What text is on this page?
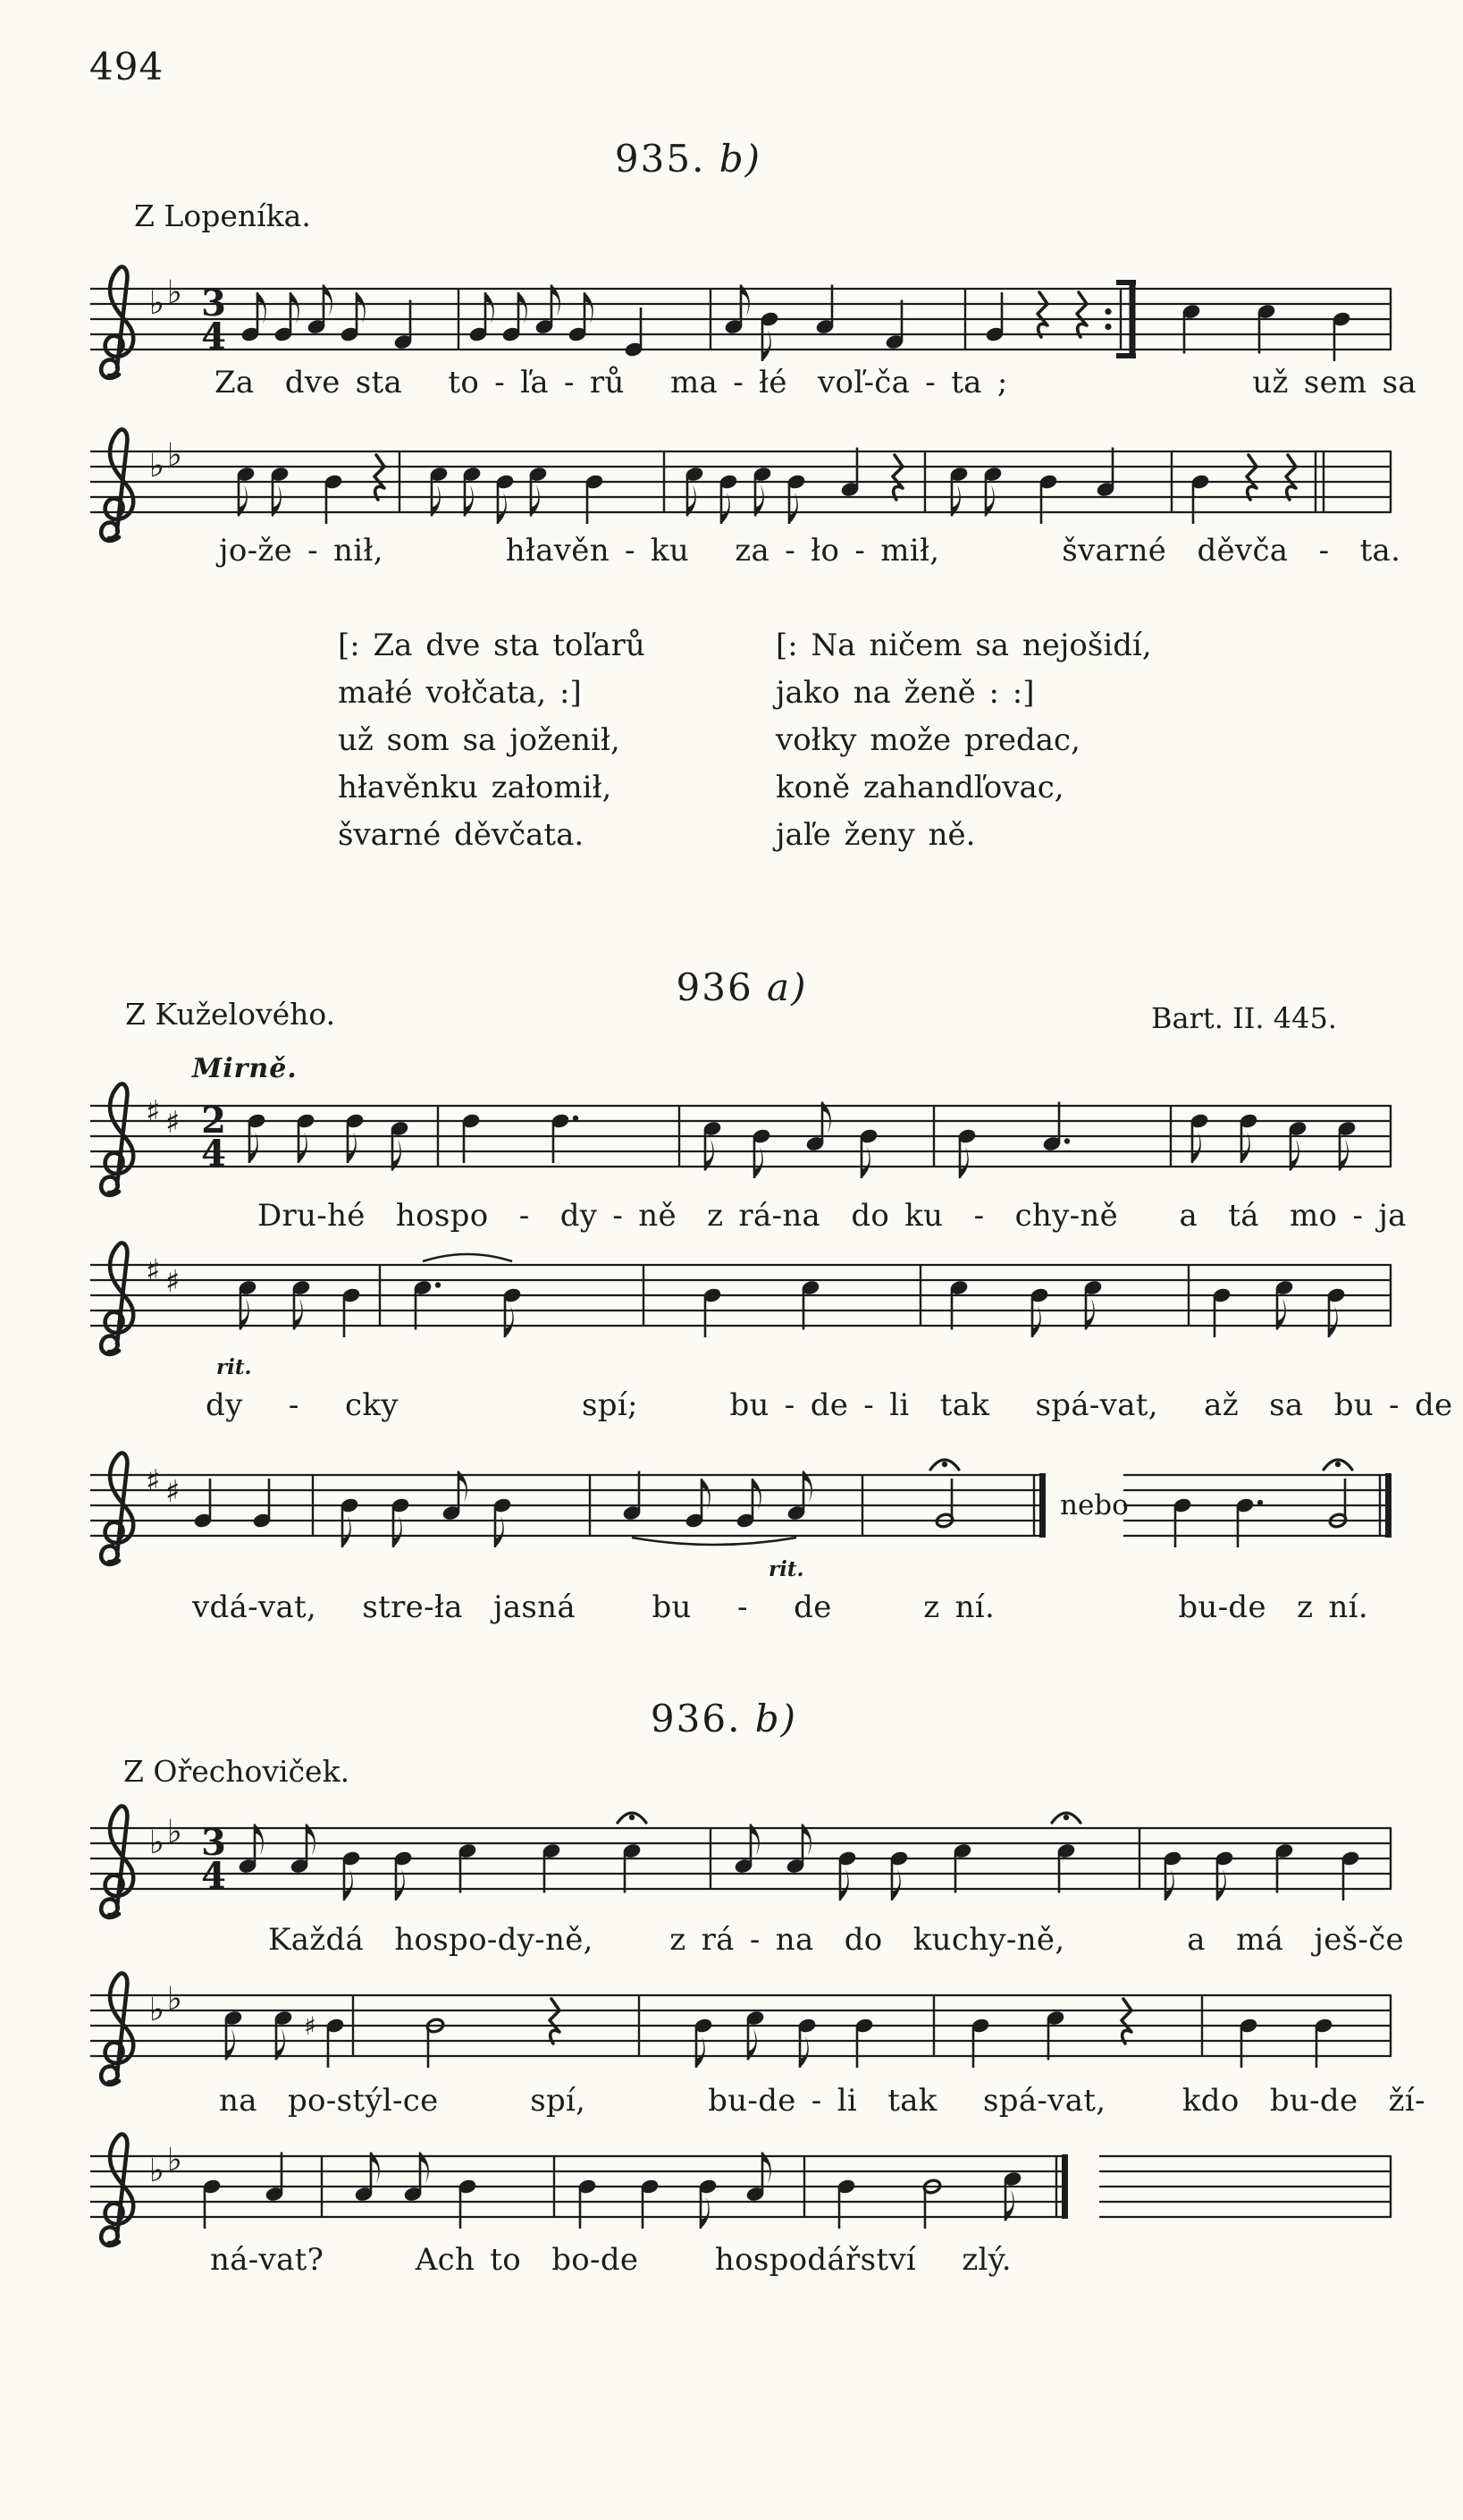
494
935. b)
Z Lopeníka.
♭ ♭ 3
4
Za  dve sta   to - ľa - rů   ma - łé  voľ-ča - ta ;                už sem sa
♭ ♭
jo-že - nił,        hłavěn - ku   za - ło - mił,        švarné  děvča  -  ta.
[: Za dve sta toľarů
małé vołčata, :]
už som sa joženił,
hłavěnku załomił,
švarné děvčata.
[: Na ničem sa nejošidí,
jako na ženě : :]
vołky može predac,
koně zahandľovac,
jaľe ženy ně.
936 a)
Z Kuželového.	Bart. II. 445.
Mirně.
♯ ♯ 2
4
Dru-hé  hospo  -  dy - ně  z rá-na  do ku  -  chy-ně    a  tá  mo - ja
♯ ♯
rit.
dy   -   cky            spí;      bu - de - li  tak   spá-vat,   až  sa  bu - de
♯ ♯	nebo
rit.
vdá-vat,   stre-ła  jasná     bu   -   de      z ní.            bu-de  z ní.
936. b)
Z Ořechoviček.
♭ ♭ 3
4
Každá  hospo-dy-ně,     z rá - na  do  kuchy-ně,        a  má  ješ-če
♭ ♭
♯
na  po-stýl-ce      spí,        bu-de - li  tak   spá-vat,     kdo  bu-de  ží-
♭ ♭
ná-vat?      Ach to  bo-de     hospodářství   zlý.
